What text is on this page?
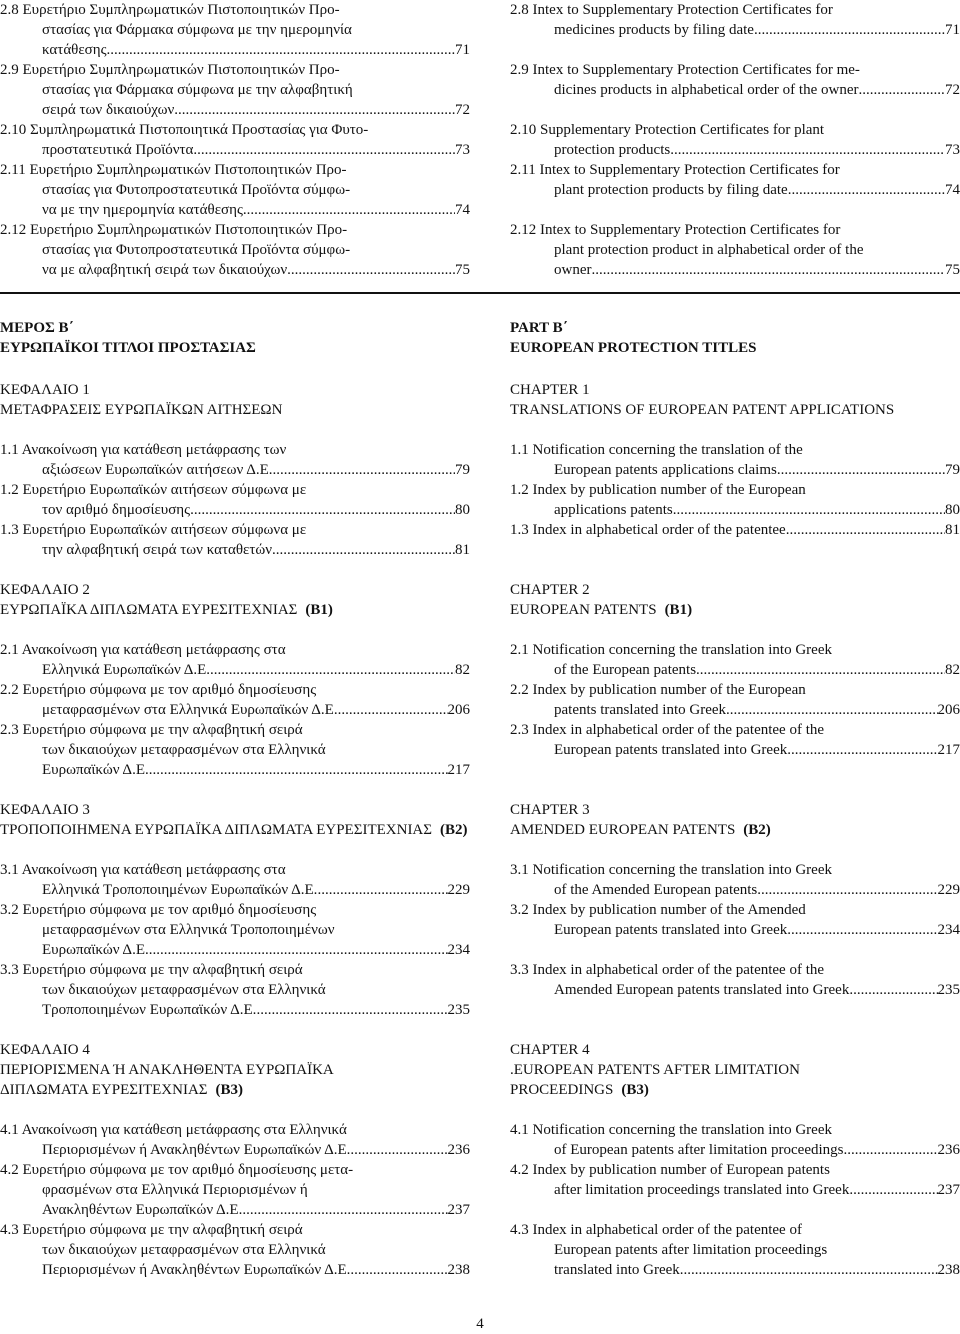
2.8 Ευρετήριο Συμπληρωματικών Πιστοποιητικών Προ-
στασίας για Φάρμακα σύμφωνα με την ημερομηνία
κατάθεσης .....	71
2.9 Ευρετήριο Συμπληρωματικών Πιστοποιητικών Προ-
στασίας για Φάρμακα σύμφωνα με την αλφαβητική
σειρά των δικαιούχων .....	72
2.10 Συμπληρωματικά Πιστοποιητικά Προστασίας για Φυτο-
προστατευτικά Προϊόντα .....	73
2.11 Ευρετήριο Συμπληρωματικών Πιστοποιητικών Προ-
στασίας για Φυτοπροστατευτικά Προϊόντα σύμφω-
να με την ημερομηνία κατάθεσης .....	74
2.12 Ευρετήριο Συμπληρωματικών Πιστοποιητικών Προ-
στασίας για Φυτοπροστατευτικά Προϊόντα σύμφω-
να με αλφαβητική σειρά των δικαιούχων .....	75
ΚΕΦΑΛΑΙΟ 1
ΜΕΤΑΦΡΑΣΕΙΣ ΕΥΡΩΠΑΪΚΩΝ ΑΙΤΗΣΕΩΝ
1.1 Ανακοίνωση για κατάθεση μετάφρασης των
αξιώσεων Ευρωπαϊκών αιτήσεων Δ.Ε. .....	79
1.2 Ευρετήριο Ευρωπαϊκών αιτήσεων σύμφωνα με
τον αριθμό δημοσίευσης .....	80
1.3 Ευρετήριο Ευρωπαϊκών αιτήσεων σύμφωνα με
την αλφαβητική σειρά των καταθετών .....	81
ΚΕΦΑΛΑΙΟ 2
ΕΥΡΩΠΑΪΚΑ ΔΙΠΛΩΜΑΤΑ ΕΥΡΕΣΙΤΕΧΝΙΑΣ (Β1)
2.1 Ανακοίνωση για κατάθεση μετάφρασης στα
Ελληνικά Ευρωπαϊκών Δ.Ε. .....	82
2.2 Ευρετήριο σύμφωνα με τον αριθμό δημοσίευσης
μεταφρασμένων στα Ελληνικά Ευρωπαϊκών Δ.Ε. .....	206
2.3 Ευρετήριο σύμφωνα με την αλφαβητική σειρά
των δικαιούχων μεταφρασμένων στα Ελληνικά
Ευρωπαϊκών Δ.Ε. .....	217
ΚΕΦΑΛΑΙΟ 3
ΤΡΟΠΟΠΟΙΗΜΕΝΑ ΕΥΡΩΠΑΪΚΑ ΔΙΠΛΩΜΑΤΑ ΕΥΡΕΣΙΤΕΧΝΙΑΣ (Β2)
3.1 Ανακοίνωση για κατάθεση μετάφρασης στα
Ελληνικά Τροποποιημένων Ευρωπαϊκών Δ.Ε. .....	229
3.2 Ευρετήριο σύμφωνα με τον αριθμό δημοσίευσης
μεταφρασμένων στα Ελληνικά Τροποποιημένων
Ευρωπαϊκών Δ.Ε. .....	234
3.3 Ευρετήριο σύμφωνα με την αλφαβητική σειρά
των δικαιούχων μεταφρασμένων στα Ελληνικά
Τροποποιημένων Ευρωπαϊκών Δ.Ε. .....	235
ΚΕΦΑΛΑΙΟ 4
ΠΕΡΙΟΡΙΣΜΕΝΑ Ή ΑΝΑΚΛΗΘΕΝΤΑ ΕΥΡΩΠΑΪΚΑ
ΔΙΠΛΩΜΑΤΑ ΕΥΡΕΣΙΤΕΧΝΙΑΣ (Β3)
4.1 Ανακοίνωση για κατάθεση μετάφρασης στα Ελληνικά
Περιορισμένων ή Ανακληθέντων Ευρωπαϊκών Δ.Ε. .....	236
4.2 Ευρετήριο σύμφωνα με τον αριθμό δημοσίευσης μετα-
φρασμένων στα Ελληνικά Περιορισμένων ή
Ανακληθέντων Ευρωπαϊκών Δ.Ε. .....	237
4.3 Ευρετήριο σύμφωνα με την αλφαβητική σειρά
των δικαιούχων μεταφρασμένων στα Ελληνικά
Περιορισμένων ή Ανακληθέντων Ευρωπαϊκών Δ.Ε. .....	238
ΜΕΡΟΣ Β΄
ΕΥΡΩΠΑΪΚΟΙ ΤΙΤΛΟΙ ΠΡΟΣΤΑΣΙΑΣ
2.8 Intex to Supplementary Protection Certificates for
medicines products by filing date .....	71
2.9 Intex to Supplementary Protection Certificates for me-
dicines products in alphabetical order of the owner .....	72
2.10 Supplementary Protection Certificates for plant
protection products .....	73
2.11 Intex to Supplementary Protection Certificates for
plant protection products by filing date .....	74
2.12 Intex to Supplementary Protection Certificates for
plant protection product in alphabetical order of the
owner .....	75
CHAPTER 1
TRANSLATIONS OF EUROPEAN PATENT APPLICATIONS
1.1 Notification concerning the translation of the
European patents applications claims .....	79
1.2 Index by publication number of the European
applications patents .....	80
1.3 Index in alphabetical order of the patentee .....	81
CHAPTER 2
EUROPEAN PATENTS (B1)
2.1 Notification concerning the translation into Greek
of the European patents .....	82
2.2 Index by publication number of the European
patents translated into Greek .....	206
2.3 Index in alphabetical order of the patentee of the
European patents translated into Greek .....	217
CHAPTER 3
AMENDED EUROPEAN PATENTS (B2)
3.1 Notification concerning the translation into Greek
of the Amended European patents .....	229
3.2 Index by publication number of the Amended
European patents translated into Greek .....	234
3.3 Index in alphabetical order of the patentee of the
Amended European patents translated into Greek .....	235
CHAPTER 4
.EUROPEAN PATENTS AFTER LIMITATION
PROCEEDINGS (B3)
4.1 Notification concerning the translation into Greek
of European patents after limitation proceedings .....	236
4.2 Index by publication number of European patents
after limitation proceedings translated into Greek .....	237
4.3 Index in alphabetical order of the patentee of
European patents after limitation proceedings
translated into Greek .....	238
PART B΄
EUROPEAN PROTECTION TITLES
4
